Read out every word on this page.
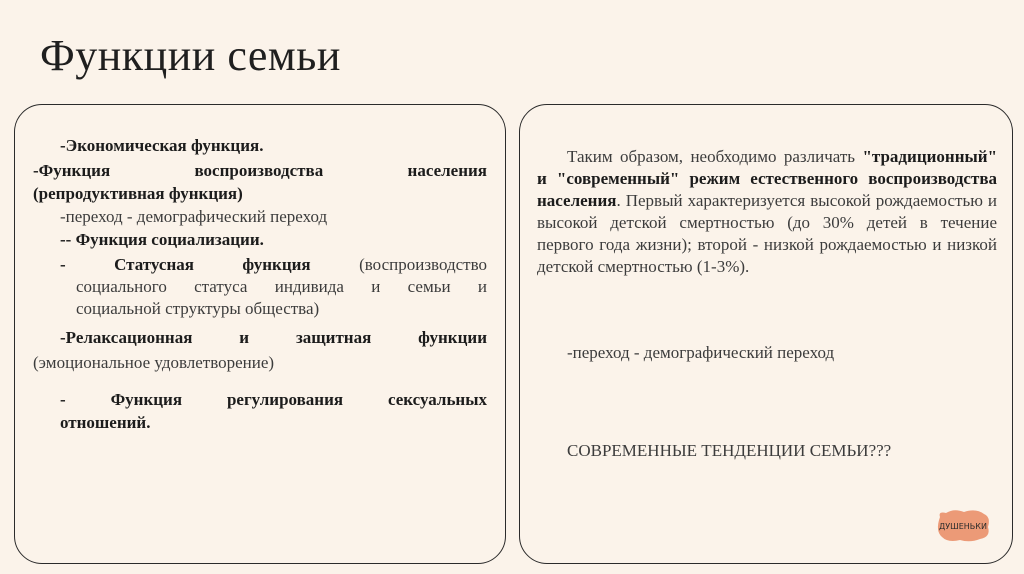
Функции семьи
-Экономическая функция.
-Функция воспроизводства населения
(репродуктивная функция)
-переход - демографический переход
-- Функция социализации.
- Статусная функция	(воспроизводство
социального статуса индивида и семьи и
социальной структуры общества)
-Релаксационная и защитная функции
(эмоциональное удовлетворение)
- Функция регулирования сексуальных
отношений.
Таким образом, необходимо различать "традиционный" и "современный" режим естественного воспроизводства населения. Первый характеризуется высокой рождаемостью и высокой детской смертностью (до 30% детей в течение первого года жизни); второй - низкой рождаемостью и низкой детской смертностью (1-3%).
-переход - демографический переход
СОВРЕМЕННЫЕ ТЕНДЕНЦИИ СЕМЬИ???
ДУШЕНЬКИ
